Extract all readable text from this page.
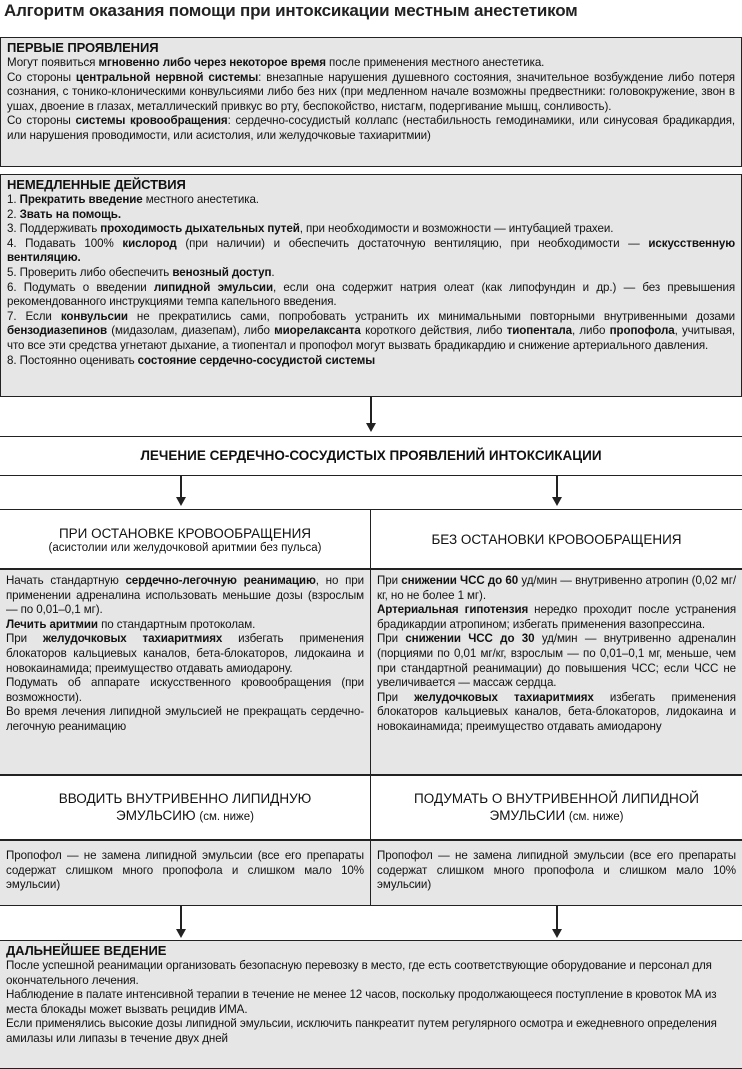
Алгоритм оказания помощи при интоксикации местным анестетиком
ПЕРВЫЕ ПРОЯВЛЕНИЯ

Могут появиться мгновенно либо через некоторое время после применения местного анестетика.

Со стороны центральной нервной системы: внезапные нарушения душевного состояния, значительное возбуждение либо потеря сознания, с тонико-клоническими конвульсиями либо без них (при медленном начале возможны предвестники: головокружение, звон в ушах, двоение в глазах, металлический привкус во рту, беспокойство, нистагм, подергивание мышц, сонливость).

Со стороны системы кровообращения: сердечно-сосудистый коллапс (нестабильность гемодинамики, или синусовая брадикардия, или нарушения проводимости, или асистолия, или желудочковые тахиаритмии)

НЕМЕДЛЕННЫЕ ДЕЙСТВИЯ

1. Прекратить введение местного анестетика.

2. Звать на помощь.

3. Поддерживать проходимость дыхательных путей, при необходимости и возможности — интубацией трахеи.

4. Подавать 100% кислород (при наличии) и обеспечить достаточную вентиляцию, при необходимости — искусственную вентиляцию.

5. Проверить либо обеспечить венозный доступ.

6. Подумать о введении липидной эмульсии, если она содержит натрия олеат (как липофундин и др.) — без превышения рекомендованного инструкциями темпа капельного введения.

7. Если конвульсии не прекратились сами, попробовать устранить их минимальными повторными внутривенными дозами бензодиазепинов (мидазолам, диазепам), либо миорелаксанта короткого действия, либо тиопентала, либо пропофола, учитывая, что все эти средства угнетают дыхание, а тиопентал и пропофол могут вызвать брадикардию и снижение артериального давления.

8. Постоянно оценивать состояние сердечно-сосудистой системы

ЛЕЧЕНИЕ СЕРДЕЧНО-СОСУДИСТЫХ ПРОЯВЛЕНИЙ ИНТОКСИКАЦИИ
ПРИ ОСТАНОВКЕ КРОВООБРАЩЕНИЯ
(асистолии или желудочковой аритмии без пульса)

Начать стандартную сердечно-легочную реанимацию, но при применении адреналина использовать меньшие дозы (взрослым — по 0,01–0,1 мг).

Лечить аритмии по стандартным протоколам.

При желудочковых тахиаритмиях избегать применения блокаторов кальциевых каналов, бета-блокаторов, лидокаина и новокаинамида; преимущество отдавать амиодарону.

Подумать об аппарате искусственного кровообращения (при возможности).

Во время лечения липидной эмульсией не прекращать сердечно-легочную реанимацию

ВВОДИТЬ ВНУТРИВЕННО ЛИПИДНУЮ ЭМУЛЬСИЮ (см. ниже)

Пропофол — не замена липидной эмульсии (все его препараты содержат слишком много пропофола и слишком мало 10% эмульсии)

БЕЗ ОСТАНОВКИ КРОВООБРАЩЕНИЯ

При снижении ЧСС до 60 уд/мин — внутривенно атропин (0,02 мг/кг, но не более 1 мг).

Артериальная гипотензия нередко проходит после устранения брадикардии атропином; избегать применения вазопрессина.

При снижении ЧСС до 30 уд/мин — внутривенно адреналин (порциями по 0,01 мг/кг, взрослым — по 0,01–0,1 мг, меньше, чем при стандартной реанимации) до повышения ЧСС; если ЧСС не увеличивается — массаж сердца.

При желудочковых тахиаритмиях избегать применения блокаторов кальциевых каналов, бета-блокаторов, лидокаина и новокаинамида; преимущество отдавать амиодарону

ПОДУМАТЬ О ВНУТРИВЕННОЙ ЛИПИДНОЙ ЭМУЛЬСИИ (см. ниже)

Пропофол — не замена липидной эмульсии (все его препараты содержат слишком много пропофола и слишком мало 10% эмульсии)

ДАЛЬНЕЙШЕЕ ВЕДЕНИЕ

После успешной реанимации организовать безопасную перевозку в место, где есть соответствующие оборудование и персонал для окончательного лечения.

Наблюдение в палате интенсивной терапии в течение не менее 12 часов, поскольку продолжающееся поступление в кровоток МА из места блокады может вызвать рецидив ИМА.

Если применялись высокие дозы липидной эмульсии, исключить панкреатит путем регулярного осмотра и ежедневного определения амилазы или липазы в течение двух дней
